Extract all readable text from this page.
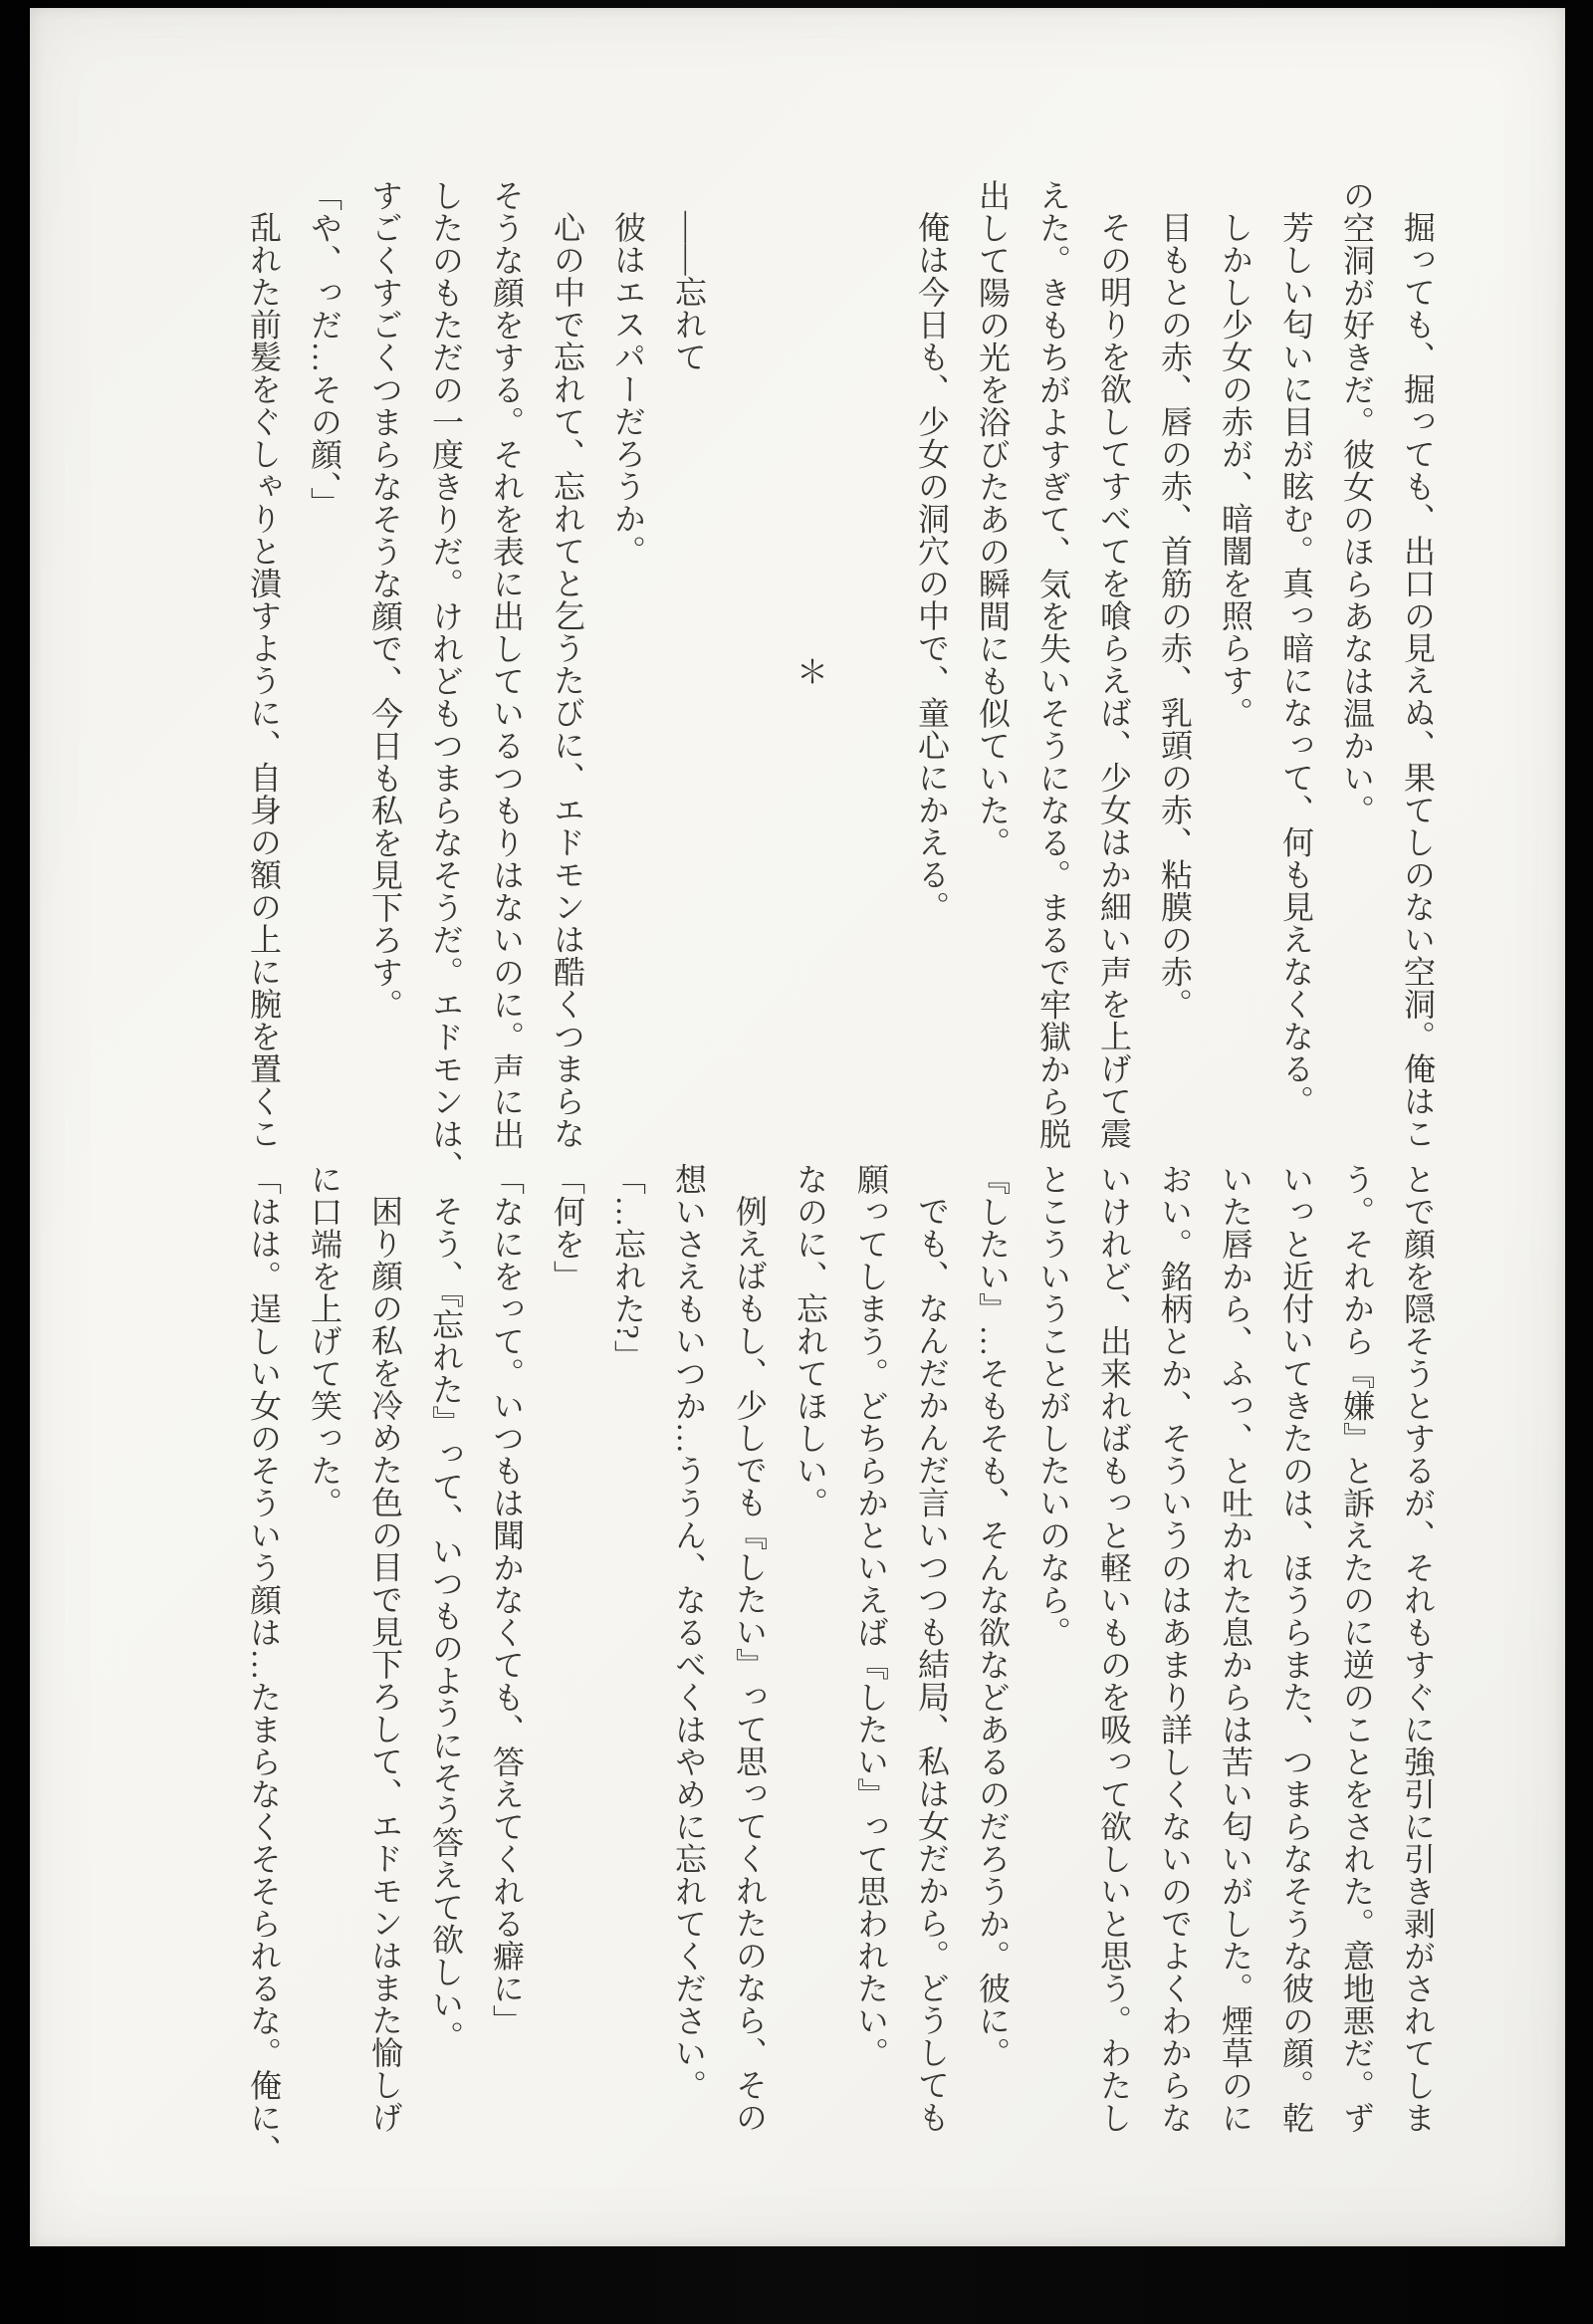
掘っても、掘っても、出口の見えぬ、果てしのない空洞。俺はこ

の空洞が好きだ。彼女のほらあなは温かい。

芳しい匂いに目が眩む。真っ暗になって、何も見えなくなる。

しかし少女の赤が、暗闇を照らす。

目もとの赤、唇の赤、首筋の赤、乳頭の赤、粘膜の赤。

その明りを欲してすべてを喰らえば、少女はか細い声を上げて震

えた。きもちがよすぎて、気を失いそうになる。まるで牢獄から脱

出して陽の光を浴びたあの瞬間にも似ていた。

俺は今日も、少女の洞穴の中で、童心にかえる。

＊

——忘れて

彼はエスパーだろうか。

心の中で忘れて、忘れてと乞うたびに、エドモンは酷くつまらな

そうな顔をする。それを表に出しているつもりはないのに。声に出

したのもただの一度きりだ。けれどもつまらなそうだ。エドモンは、

すごくすごくつまらなそうな顔で、今日も私を見下ろす。

「や、っだ…その顔、」

乱れた前髪をぐしゃりと潰すように、自身の額の上に腕を置くこ

とで顔を隠そうとするが、それもすぐに強引に引き剥がされてしま

う。それから『嫌』と訴えたのに逆のことをされた。意地悪だ。ず

いっと近付いてきたのは、ほうらまた、つまらなそうな彼の顔。乾

いた唇から、ふっ、と吐かれた息からは苦い匂いがした。煙草のに

おい。銘柄とか、そういうのはあまり詳しくないのでよくわからな

いけれど、出来ればもっと軽いものを吸って欲しいと思う。わたし

とこういうことがしたいのなら。

『したい』…そもそも、そんな欲などあるのだろうか。彼に。

でも、なんだかんだ言いつつも結局、私は女だから。どうしても

願ってしまう。どちらかといえば『したい』って思われたい。

なのに、忘れてほしい。

例えばもし、少しでも『したい』って思ってくれたのなら、その

想いさえもいつか…ううん、なるべくはやめに忘れてください。

「…忘れた?」

「何を」

「なにをって。いつもは聞かなくても、答えてくれる癖に」

そう、『忘れた』って、いつものようにそう答えて欲しい。

困り顔の私を冷めた色の目で見下ろして、エドモンはまた愉しげ

に口端を上げて笑った。

「はは。逞しい女のそういう顔は…たまらなくそそられるな。俺に、
